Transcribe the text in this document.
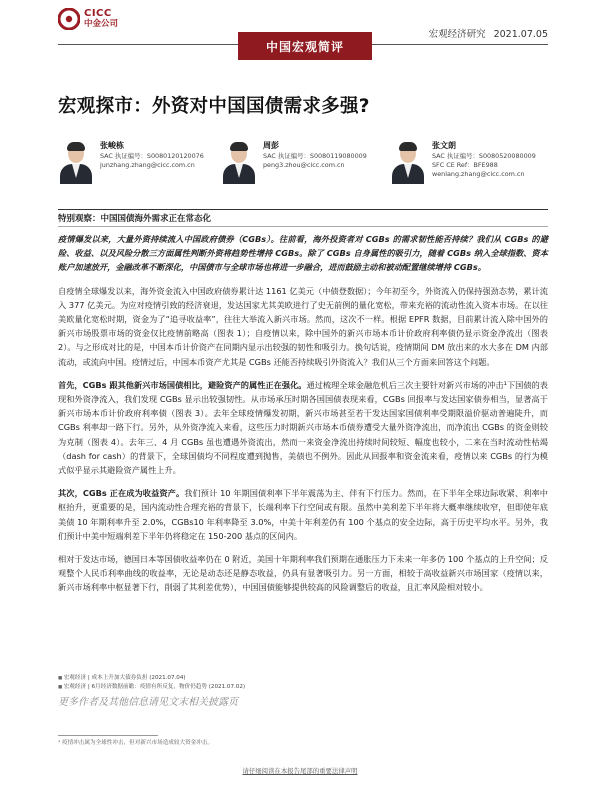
CICC
中金公司
宏观经济研究 2021.07.05
中国宏观简评
宏观探市：外资对中国国债需求多强?
张峻栋
SAC 执证编号：S0080120120076
junzhang.zhang@cicc.com.cn
周彭
SAC 执证编号：S0080119080009
peng3.zhou@cicc.com.cn
张文朗
SAC 执证编号：S0080520080009
SFC CE Ref：BFE988
wenlang.zhang@cicc.com.cn
特别观察：中国国债海外需求正在常态化

疫情爆发以来，大量外资持续流入中国政府债券（CGBs）。往前看，海外投资者对 CGBs 的需求韧性能否持续？我们从 CGBs 的避险、收益、以及风险分散三方面属性判断外资将趋势性增持 CGBs。除了 CGBs 自身属性的吸引力，随着 CGBs 纳入全球指数、资本账户加速放开，金融改革不断深化，中国债市与全球市场也将进一步融合，进而鼓励主动和被动配置继续增持 CGBs。

自疫情全球爆发以来，海外资金流入中国政府债券累计达 1161 亿美元（中债登数据）；今年初至今，外资流入仍保持强劲态势，累计流入 377 亿美元。为应对疫情引致的经济衰退，发达国家尤其美欧进行了史无前例的量化宽松，带来充裕的流动性流入资本市场。在以往美欧量化宽松时期，资金为了“追寻收益率”，往往大举流入新兴市场。然而，这次不一样。根据 EPFR 数据，目前累计流入除中国外的新兴市场股票市场的资金仅比疫情前略高（图表 1）；自疫情以来，除中国外的新兴市场本币计价政府利率债仍显示资金净流出（图表 2）。与之形成对比的是，中国本币计价资产在同期内显示出较强的韧性和吸引力。换句话说，疫情期间 DM 放出来的水大多在 DM 内部流动，或流向中国。疫情过后，中国本币资产尤其是 CGBs 还能否持续吸引外资流入？我们从三个方面来回答这个问题。

首先，CGBs 跟其他新兴市场国债相比，避险资产的属性正在强化。通过梳理全球金融危机后三次主要针对新兴市场的冲击¹下国债的表现和外资净流入，我们发现 CGBs 显示出较强韧性。从市场承压时期各国国债表现来看，CGBs 回报率与发达国家债券相当，显著高于新兴市场本币计价政府利率债（图表 3）。去年全球疫情爆发初期，新兴市场甚至若干发达国家国债利率受期限溢价驱动普遍陡升，而 CGBs 利率却一路下行。另外，从外资净流入来看，这些压力时期新兴市场本币债券遭受大量外资净流出，而净流出 CGBs 的资金则较为克制（图表 4）。去年三、4 月 CGBs 虽也遭遇外资流出，然而一来资金净流出持续时间较短、幅度也较小，二来在当时流动性枯竭（dash for cash）的背景下，全球国债均不同程度遭到抛售，美债也不例外。因此从回报率和资金流来看，疫情以来 CGBs 的行为模式似乎显示其避险资产属性上升。

其次，CGBs 正在成为收益资产。我们预计 10 年期国债利率下半年震荡为主、伴有下行压力。然而，在下半年全球边际收紧、利率中枢抬升，更重要的是，国内流动性合理充裕的背景下，长端利率下行空间或有限。虽然中美利差下半年将大概率继续收窄，但即使年底美债 10 年期利率升至 2.0%，CGBs10 年利率降至 3.0%，中美十年利差仍有 100 个基点的安全边际，高于历史平均水平。另外，我们预计中美中短端利差下半年仍将稳定在 150-200 基点的区间内。

相对于发达市场，德国日本等国债收益率仍在 0 附近，美国十年期利率我们预期在通胀压力下未来一年多仍 100 个基点的上升空间；反观整个人民币利率曲线的收益率，无论是动态还是静态收益，仍具有显著吸引力。另一方面，相较于高收益新兴市场国家（疫情以来，新兴市场利率中枢显著下行，削弱了其利差优势），中国国债能够提供较高的风险调整后的收益，且汇率风险相对较小。

■ 宏观经济 | 成本上升加大债券负担 (2021.07.04)
■ 宏观经济 | 6月经济数据前瞻：疫情有所反复，物价仍趋势 (2021.07.02)
更多作者及其他信息请见文末相关披露页
¹ 疫情冲击属为全球性冲击，但对新兴市场造成较大资金冲击。
请仔细阅读在本报告尾部的重要法律声明
